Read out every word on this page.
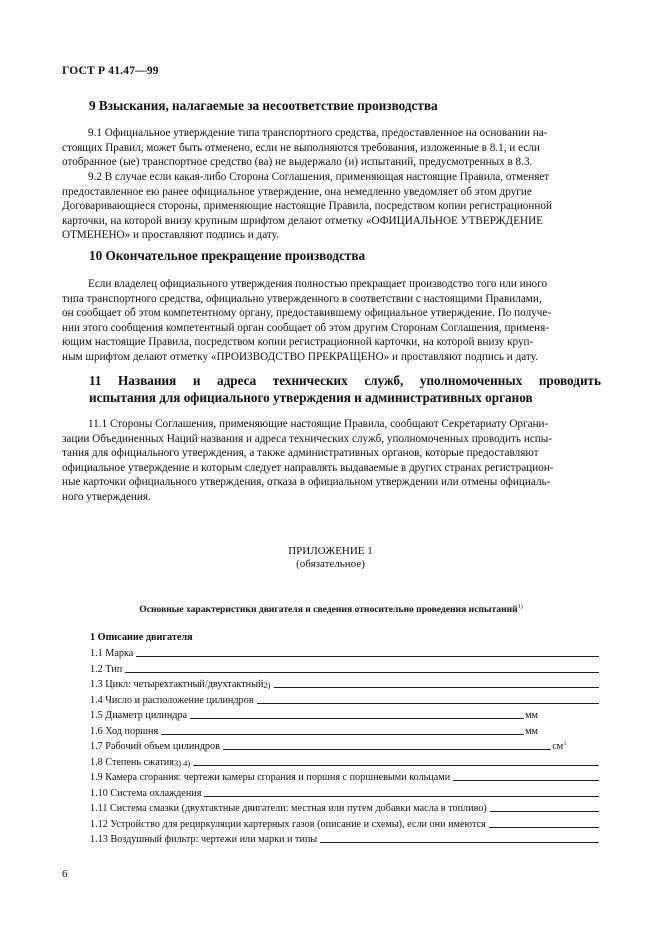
ГОСТ Р 41.47—99
9 Взыскания, налагаемые за несоответствие производства
9.1 Официальное утверждение типа транспортного средства, предоставленное на основании на-
стоящих Правил, может быть отменено, если не выполняются требования, изложенные в 8.1, и если
отобранное (ые) транспортное средство (ва) не выдержало (и) испытаний, предусмотренных в 8.3.
9.2 В случае если какая-либо Сторона Соглашения, применяющая настоящие Правила, отменяет
предоставленное ею ранее официальное утверждение, она немедленно уведомляет об этом другие
Договаривающиеся стороны, применяющие настоящие Правила, посредством копии регистрационной
карточки, на которой внизу крупным шрифтом делают отметку «ОФИЦИАЛЬНОЕ УТВЕРЖДЕНИЕ
ОТМЕНЕНО» и проставляют подпись и дату.
10 Окончательное прекращение производства
Если владелец официального утверждения полностью прекращает производство того или иного
типа транспортного средства, официально утвержденного в соответствии с настоящими Правилами,
он сообщает об этом компетентному органу, предоставившему официальное утверждение. По получе-
нии этого сообщения компетентный орган сообщает об этом другим Сторонам Соглашения, применя-
ющим настоящие Правила, посредством копии регистрационной карточки, на которой внизу круп-
ным шрифтом делают отметку «ПРОИЗВОДСТВО ПРЕКРАЩЕНО» и проставляют подпись и дату.
11 Названия и адреса технических служб, уполномоченных проводить
испытания для официального утверждения и административных органов
11.1 Стороны Соглашения, применяющие настоящие Правила, сообщают Секретариату Органи-
зации Объединенных Наций названия и адреса технических служб, уполномоченных проводить испы-
тания для официального утверждения, а также административных органов, которые предоставляют
официальное утверждение и которым следует направлять выдаваемые в других странах регистрацион-
ные карточки официального утверждения, отказа в официальном утверждении или отмены официаль-
ного утверждения.
ПРИЛОЖЕНИЕ 1
(обязательное)
Основные характеристики двигателя и сведения относительно проведения испытаний$^{1)}$
1 Описание двигателя
1.1 Марка
1.2 Тип
1.3 Цикл: четырехтактный/двухтактный 2)
1.4 Число и расположение цилиндров
1.5 Диаметр цилиндра	мм
1.6 Ход поршня	мм
1.7 Рабочий объем цилиндров	$см^3$
1.8 Степень сжатия 3) 4)
1.9 Камера сгорания: чертежи камеры сгорания и поршня с поршневыми кольцами
1.10 Система охлаждения
1.11 Система смазки (двухтактные двигатели: местная или путем добавки масла в топливо)
1.12 Устройство для рециркуляции картерных газов (описание и схемы), если они имеются
1.13 Воздушный фильтр: чертежи или марки и типы
6
